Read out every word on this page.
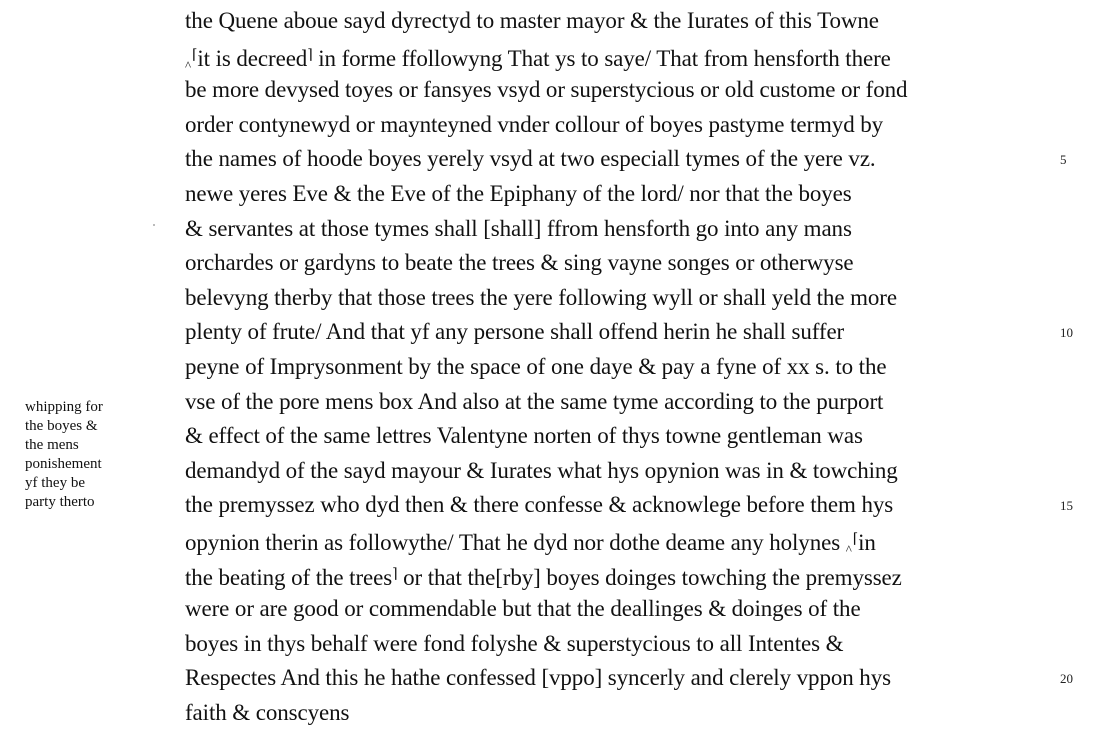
whipping for
the boyes &
the mens
ponishement
yf they be
party therto
the Quene aboue sayd dyrectyd to master mayor & the Iurates of this Towne
^⌈it is decreed⌉ in forme ffollowyng That ys to saye/ That from hensforth there
be more devysed toyes or fansyes vsyd or superstycious or old custome or fond
order contynewyd or maynteyned vnder collour of boyes pastyme termyd by
the names of hoode boyes yerely vsyd at two especiall tymes of the yere vz.
newe yeres Eve & the Eve of the Epiphany of the lord/ nor that the boyes
& servantes at those tymes shall [shall] ffrom hensforth go into any mans
orchardes or gardyns to beate the trees & sing vayne songes or otherwyse
belevyng therby that those trees the yere following wyll or shall yeld the more
plenty of frute/ And that yf any persone shall offend herin he shall suffer
peyne of Imprysonment by the space of one daye & pay a fyne of xx s. to the
vse of the pore mens box And also at the same tyme according to the purport
& effect of the same lettres Valentyne norten of thys towne gentleman was
demandyd of the sayd mayour & Iurates what hys opynion was in & towching
the premyssez who dyd then & there confesse & acknowlege before them hys
opynion therin as followythe/ That he dyd nor dothe deame any holynes ^⌈in
the beating of the trees⌉ or that the[rby] boyes doinges towching the premyssez
were or are good or commendable but that the deallinges & doinges of the
boyes in thys behalf were fond folyshe & superstycious to all Intentes &
Respectes And this he hathe confessed [vppo] syncerly and clerely vppon hys
faith & conscyens
5
10
15
20
